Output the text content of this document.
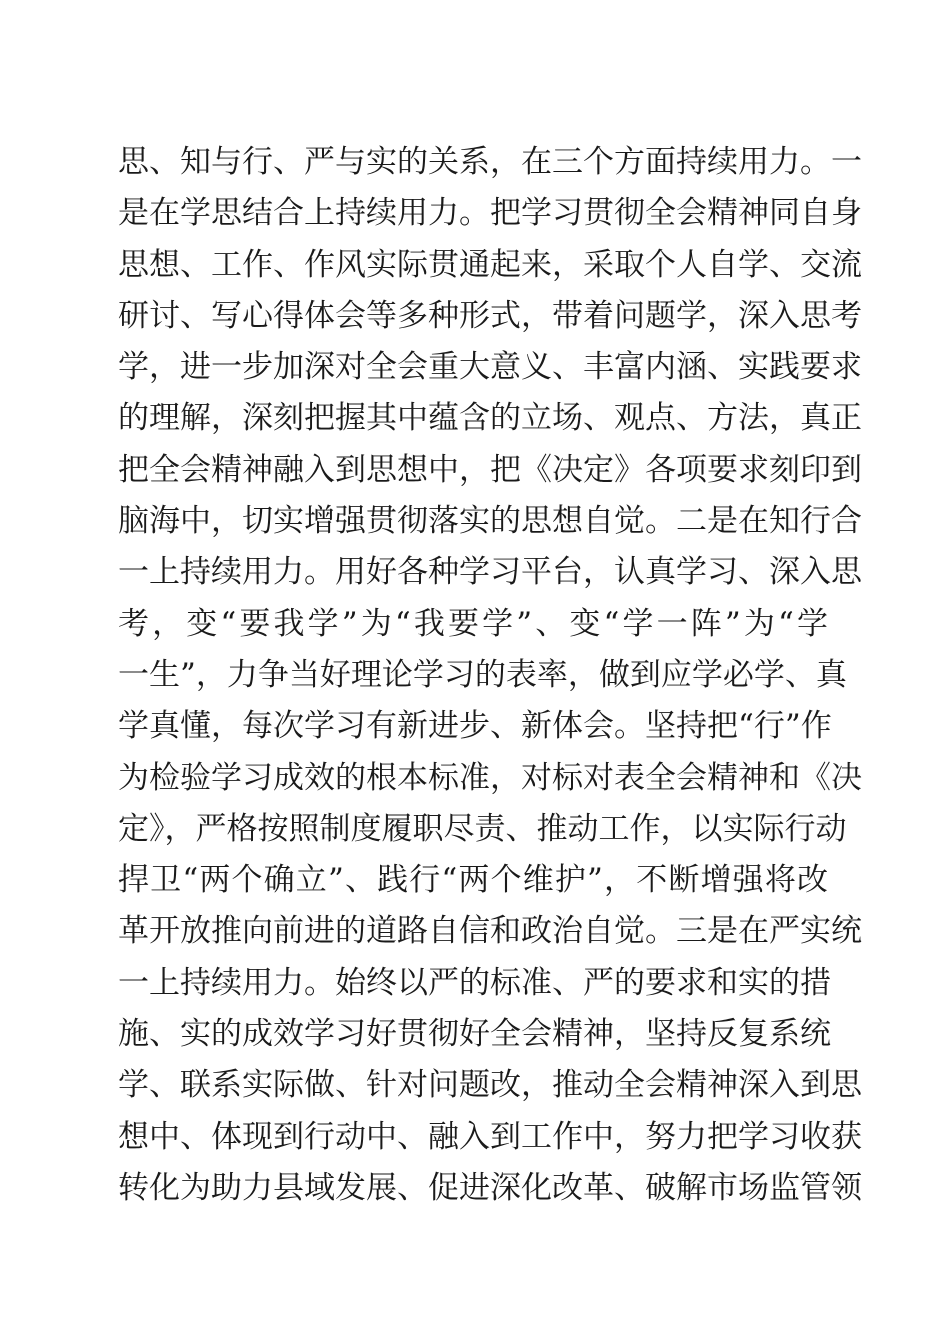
思、知与行、严与实的关系，在三个方面持续用力。一
是在学思结合上持续用力。把学习贯彻全会精神同自身
思想、工作、作风实际贯通起来，采取个人自学、交流
研讨、写心得体会等多种形式，带着问题学，深入思考
学，进一步加深对全会重大意义、丰富内涵、实践要求
的理解，深刻把握其中蕴含的立场、观点、方法，真正
把全会精神融入到思想中，把《决定》各项要求刻印到
脑海中，切实增强贯彻落实的思想自觉。二是在知行合
一上持续用力。用好各种学习平台，认真学习、深入思
考，变“要我学”为“我要学”、变“学一阵”为“学
一生”，力争当好理论学习的表率，做到应学必学、真
学真懂，每次学习有新进步、新体会。坚持把“行”作
为检验学习成效的根本标准，对标对表全会精神和《决
定》，严格按照制度履职尽责、推动工作，以实际行动
捍卫“两个确立”、践行“两个维护”，不断增强将改
革开放推向前进的道路自信和政治自觉。三是在严实统
一上持续用力。始终以严的标准、严的要求和实的措
施、实的成效学习好贯彻好全会精神，坚持反复系统
学、联系实际做、针对问题改，推动全会精神深入到思
想中、体现到行动中、融入到工作中，努力把学习收获
转化为助力县域发展、促进深化改革、破解市场监管领
